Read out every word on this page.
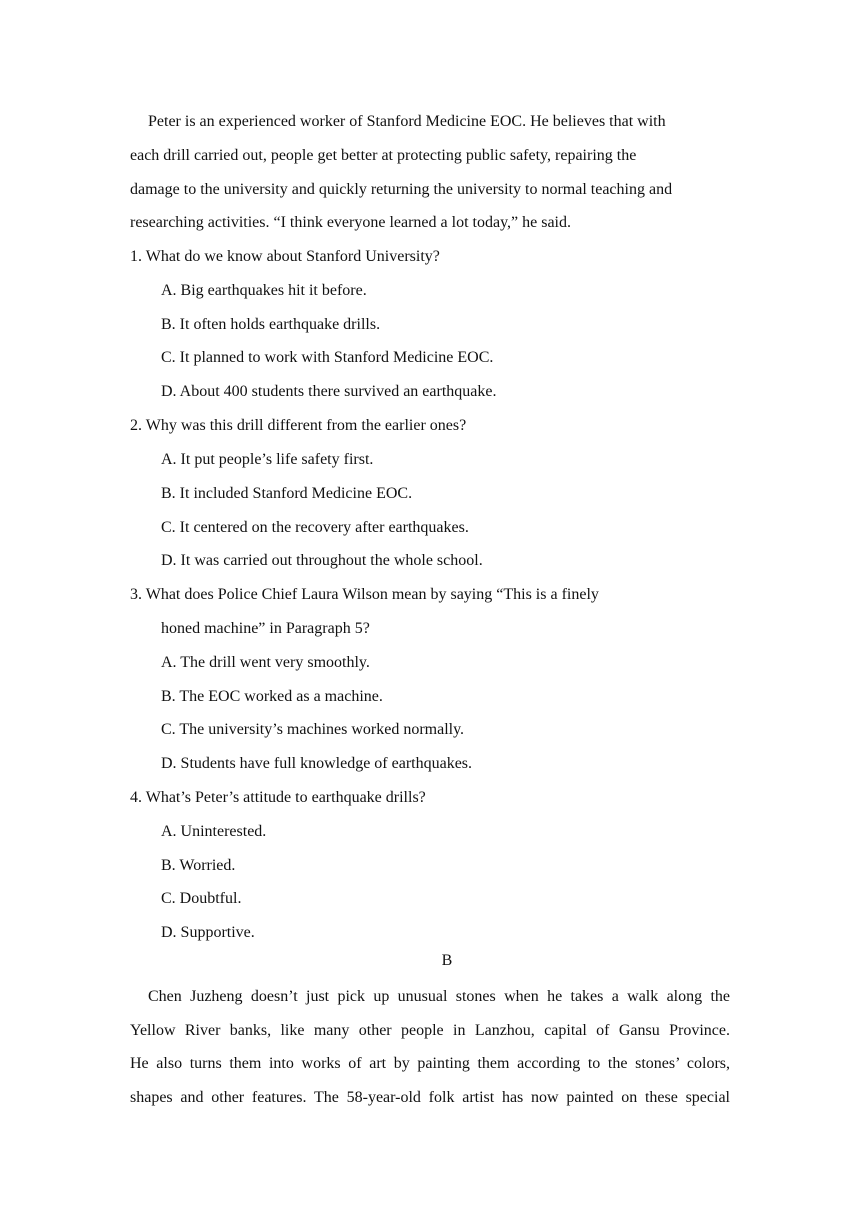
Peter is an experienced worker of Stanford Medicine EOC. He believes that with
each drill carried out, people get better at protecting public safety, repairing the
damage to the university and quickly returning the university to normal teaching and
researching activities. “I think everyone learned a lot today,” he said.
1. What do we know about Stanford University?
A. Big earthquakes hit it before.
B. It often holds earthquake drills.
C. It planned to work with Stanford Medicine EOC.
D. About 400 students there survived an earthquake.
2. Why was this drill different from the earlier ones?
A. It put people’s life safety first.
B. It included Stanford Medicine EOC.
C. It centered on the recovery after earthquakes.
D. It was carried out throughout the whole school.
3. What does Police Chief Laura Wilson mean by saying “This is a finely
honed machine” in Paragraph 5?
A. The drill went very smoothly.
B. The EOC worked as a machine.
C. The university’s machines worked normally.
D. Students have full knowledge of earthquakes.
4. What’s Peter’s attitude to earthquake drills?
A. Uninterested.
B. Worried.
C. Doubtful.
D. Supportive.
B
Chen Juzheng doesn’t just pick up unusual stones when he takes a walk along the
Yellow River banks, like many other people in Lanzhou, capital of Gansu Province.
He also turns them into works of art by painting them according to the stones’ colors,
shapes and other features. The 58-year-old folk artist has now painted on these special
